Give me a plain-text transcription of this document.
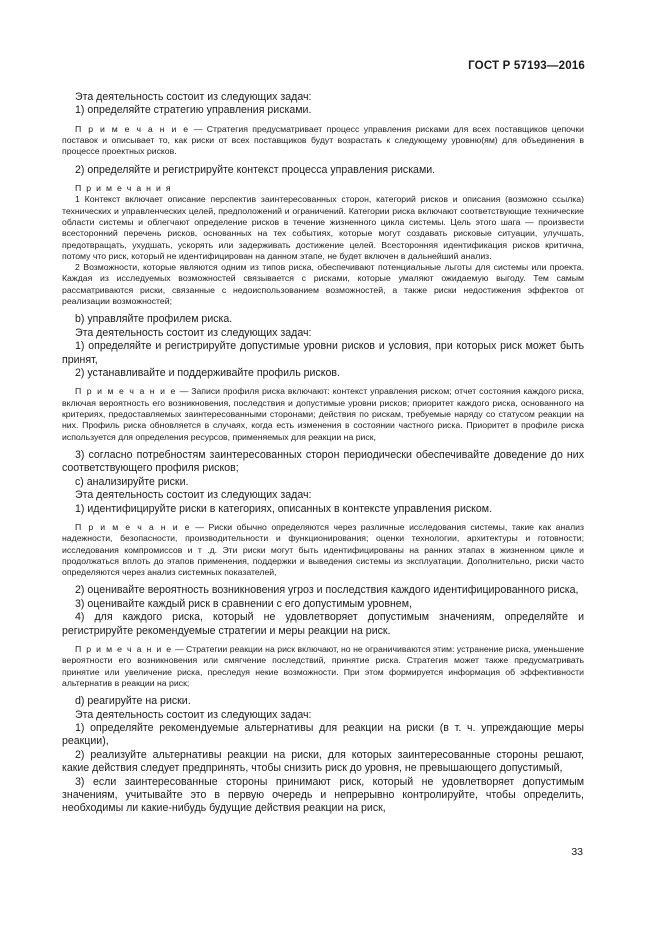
ГОСТ Р 57193—2016

Эта деятельность состоит из следующих задач:

1) определяйте стратегию управления рисками.

П р и м е ч а н и е — Стратегия предусматривает процесс управления рисками для всех поставщиков цепочки поставок и описывает то, как риски от всех поставщиков будут возрастать к следующему уровню(ям) для объединения в процессе проектных рисков.

2) определяйте и регистрируйте контекст процесса управления рисками.

П р и м е ч а н и я

1 Контекст включает описание перспектив заинтересованных сторон, категорий рисков и описания (возможно ссылка) технических и управленческих целей, предположений и ограничений. Категории риска включают соответствующие технические области системы и облегчают определение рисков в течение жизненного цикла системы. Цель этого шага — произвести всесторонний перечень рисков, основанных на тех событиях, которые могут создавать рисковые ситуации, улучшать, предотвращать, ухудшать, ускорять или задерживать достижение целей. Всесторонняя идентификация рисков критична, потому что риск, который не идентифицирован на данном этапе, не будет включен в дальнейший анализ.

2 Возможности, которые являются одним из типов риска, обеспечивают потенциальные льготы для системы или проекта. Каждая из исследуемых возможностей связывается с рисками, которые умаляют ожидаемую выгоду. Тем самым рассматриваются риски, связанные с недоиспользованием возможностей, а также риски недостижения эффектов от реализации возможностей;

b) управляйте профилем риска.

Эта деятельность состоит из следующих задач:

1) определяйте и регистрируйте допустимые уровни рисков и условия, при которых риск может быть принят,

2) устанавливайте и поддерживайте профиль рисков.

П р и м е ч а н и е — Записи профиля риска включают: контекст управления риском; отчет состояния каждого риска, включая вероятность его возникновения, последствия и допустимые уровни рисков; приоритет каждого риска, основанного на критериях, предоставляемых заинтересованными сторонами; действия по рискам, требуемые наряду со статусом реакции на них. Профиль риска обновляется в случаях, когда есть изменения в состоянии частного риска. Приоритет в профиле риска используется для определения ресурсов, применяемых для реакции на риск,

3) согласно потребностям заинтересованных сторон периодически обеспечивайте доведение до них соответствующего профиля рисков;

c) анализируйте риски.

Эта деятельность состоит из следующих задач:

1) идентифицируйте риски в категориях, описанных в контексте управления риском.

П р и м е ч а н и е — Риски обычно определяются через различные исследования системы, такие как анализ надежности, безопасности, производительности и функционирования; оценки технологии, архитектуры и готовности; исследования компромиссов и т .д. Эти риски могут быть идентифицированы на ранних этапах в жизненном цикле и продолжаться вплоть до этапов применения, поддержки и выведения системы из эксплуатации. Дополнительно, риски часто определяются через анализ системных показателей,

2) оценивайте вероятность возникновения угроз и последствия каждого идентифицированного риска,

3) оценивайте каждый риск в сравнении с его допустимым уровнем,

4) для каждого риска, который не удовлетворяет допустимым значениям, определяйте и регистрируйте рекомендуемые стратегии и меры реакции на риск.

П р и м е ч а н и е — Стратегии реакции на риск включают, но не ограничиваются этим: устранение риска, уменьшение вероятности его возникновения или смягчение последствий, принятие риска. Стратегия может также предусматривать принятие или увеличение риска, преследуя некие возможности. При этом формируется информация об эффективности альтернатив в реакции на риск;

d) реагируйте на риски.

Эта деятельность состоит из следующих задач:

1) определяйте рекомендуемые альтернативы для реакции на риски (в т. ч. упреждающие меры реакции),

2) реализуйте альтернативы реакции на риски, для которых заинтересованные стороны решают, какие действия следует предпринять, чтобы снизить риск до уровня, не превышающего допустимый,

3) если заинтересованные стороны принимают риск, который не удовлетворяет допустимым значениям, учитывайте это в первую очередь и непрерывно контролируйте, чтобы определить, необходимы ли какие-нибудь будущие действия реакции на риск,

33
